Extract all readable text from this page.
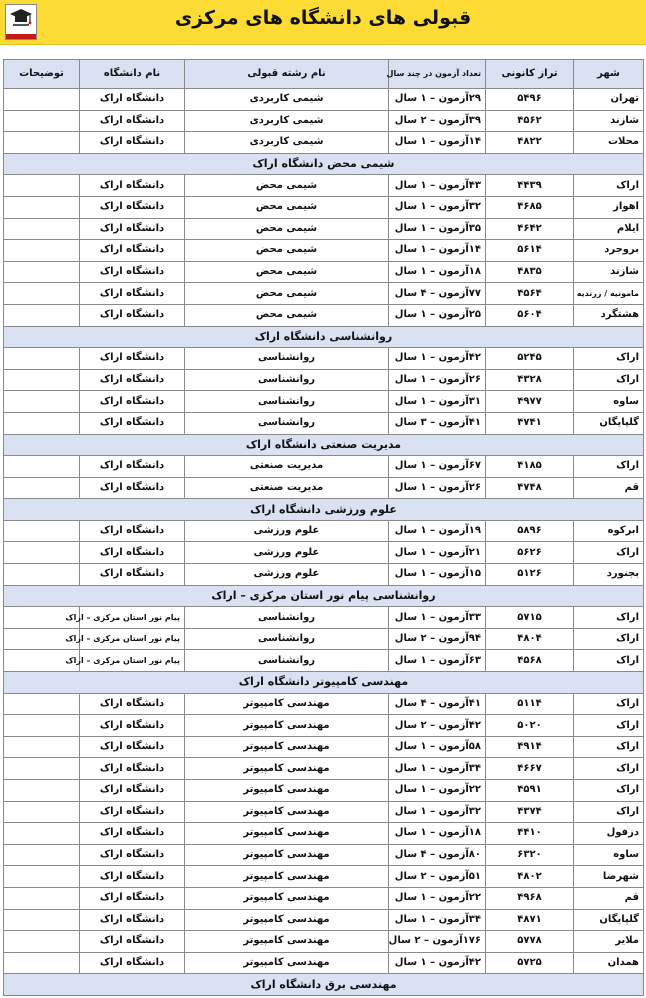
قبولی های دانشگاه های مرکزی
شهر	تراز کانونی	تعداد آزمون در چند سال	نام رشته قبولی	نام دانشگاه	توضیحات
تهران	۵۴۹۶	۲۹آزمون – ۱ سال	شیمی کاربردی	دانشگاه اراک	
شازند	۴۵۶۲	۳۹آزمون – ۲ سال	شیمی کاربردی	دانشگاه اراک	
محلات	۴۸۲۲	۱۴آزمون – ۱ سال	شیمی کاربردی	دانشگاه اراک	
شیمی محض دانشگاه اراک					
اراک	۴۴۳۹	۴۳آزمون – ۱ سال	شیمی محض	دانشگاه اراک	
اهواز	۴۶۸۵	۳۲آزمون – ۱ سال	شیمی محض	دانشگاه اراک	
ایلام	۴۶۴۲	۳۵آزمون – ۱ سال	شیمی محض	دانشگاه اراک	
بروجرد	۵۶۱۴	۱۴آزمون – ۱ سال	شیمی محض	دانشگاه اراک	
شازند	۴۸۳۵	۱۸آزمون – ۱ سال	شیمی محض	دانشگاه اراک	
مامونیه / زرندیه	۴۵۶۴	۷۷آزمون – ۴ سال	شیمی محض	دانشگاه اراک	
هشتگرد	۵۶۰۴	۲۵آزمون – ۱ سال	شیمی محض	دانشگاه اراک	
روانشناسی دانشگاه اراک					
اراک	۵۲۴۵	۴۲آزمون – ۱ سال	روانشناسی	دانشگاه اراک	
اراک	۴۳۲۸	۲۶آزمون – ۱ سال	روانشناسی	دانشگاه اراک	
ساوه	۴۹۷۷	۳۱آزمون – ۱ سال	روانشناسی	دانشگاه اراک	
گلپایگان	۴۷۴۱	۴۱آزمون – ۳ سال	روانشناسی	دانشگاه اراک	
مدیریت صنعتی دانشگاه اراک					
اراک	۴۱۸۵	۶۷آزمون – ۱ سال	مدیریت صنعتی	دانشگاه اراک	
قم	۴۷۴۸	۲۶آزمون – ۱ سال	مدیریت صنعتی	دانشگاه اراک	
علوم ورزشی دانشگاه اراک					
ابرکوه	۵۸۹۶	۱۹آزمون – ۱ سال	علوم ورزشی	دانشگاه اراک	
اراک	۵۶۲۶	۲۱آزمون – ۱ سال	علوم ورزشی	دانشگاه اراک	
بجنورد	۵۱۲۶	۱۵آزمون – ۱ سال	علوم ورزشی	دانشگاه اراک	
روانشناسی پیام نور استان مرکزی – اراک					
اراک	۵۷۱۵	۳۳آزمون – ۱ سال	روانشناسی	پیام نور استان مرکزی – اراک	
اراک	۴۸۰۴	۹۴آزمون – ۲ سال	روانشناسی	پیام نور استان مرکزی – اراک	
اراک	۴۵۶۸	۶۳آزمون – ۱ سال	روانشناسی	پیام نور استان مرکزی – اراک	
مهندسی کامپیوتر دانشگاه اراک					
اراک	۵۱۱۴	۴۱آزمون – ۴ سال	مهندسی کامپیوتر	دانشگاه اراک	
اراک	۵۰۲۰	۴۲آزمون – ۲ سال	مهندسی کامپیوتر	دانشگاه اراک	
اراک	۴۹۱۴	۵۸آزمون – ۱ سال	مهندسی کامپیوتر	دانشگاه اراک	
اراک	۴۶۶۷	۳۴آزمون – ۱ سال	مهندسی کامپیوتر	دانشگاه اراک	
اراک	۴۵۹۱	۲۲آزمون – ۱ سال	مهندسی کامپیوتر	دانشگاه اراک	
اراک	۴۳۷۴	۳۲آزمون – ۱ سال	مهندسی کامپیوتر	دانشگاه اراک	
دزفول	۴۴۱۰	۱۸آزمون – ۱ سال	مهندسی کامپیوتر	دانشگاه اراک	
ساوه	۶۳۲۰	۸۰آزمون – ۴ سال	مهندسی کامپیوتر	دانشگاه اراک	
شهرضا	۴۸۰۲	۵۱آزمون – ۲ سال	مهندسی کامپیوتر	دانشگاه اراک	
قم	۴۹۶۸	۲۲آزمون – ۱ سال	مهندسی کامپیوتر	دانشگاه اراک	
گلپایگان	۴۸۷۱	۳۴آزمون – ۱ سال	مهندسی کامپیوتر	دانشگاه اراک	
ملایر	۵۷۷۸	۱۷۶آزمون – ۲ سال	مهندسی کامپیوتر	دانشگاه اراک	
همدان	۵۷۲۵	۴۲آزمون – ۱ سال	مهندسی کامپیوتر	دانشگاه اراک	
مهندسی برق دانشگاه اراک					
